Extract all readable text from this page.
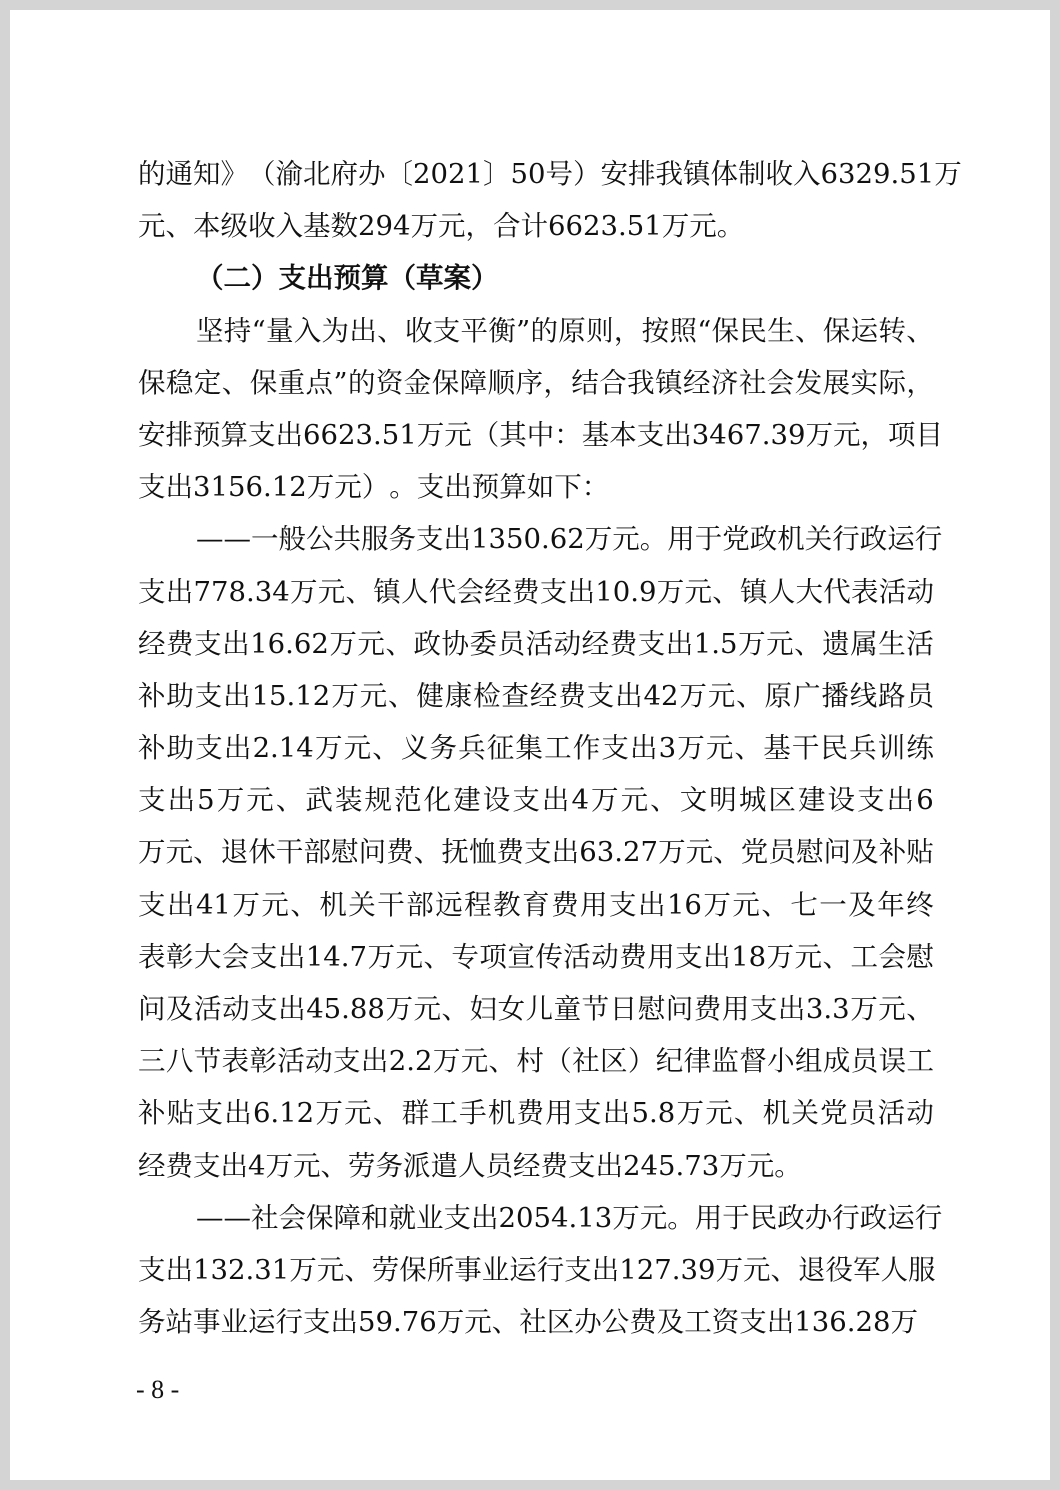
的 通 知 》 （ 渝 北 府 办 〔 2021 〕 50 号 ） 安 排 我 镇 体 制 收 入 6329.51 万
元 、 本 级 收 入 基 数 294 万 元 ， 合 计 6623.51 万 元 。
（ 二 ） 支 出 预 算 （ 草 案 ）
坚 持 “ 量 入 为 出 、 收 支 平 衡 ” 的 原 则 ， 按 照 “ 保 民 生 、 保 运 转 、
保 稳 定 、 保 重 点 ” 的 资 金 保 障 顺 序 ， 结 合 我 镇 经 济 社 会 发 展 实 际 ，
安 排 预 算 支 出 6623.51 万 元 （ 其 中 ： 基 本 支 出 3467.39 万 元 ， 项 目
支 出 3156.12 万 元 ） 。 支 出 预 算 如 下 ：
—— 一 般 公 共 服 务 支 出 1350.62 万 元 。 用 于 党 政 机 关 行 政 运 行
支 出 778.34 万 元 、 镇 人 代 会 经 费 支 出 10.9 万 元 、 镇 人 大 代 表 活 动
经 费 支 出 16.62 万 元 、 政 协 委 员 活 动 经 费 支 出 1.5 万 元 、 遗 属 生 活
补 助 支 出 15.12 万 元 、 健 康 检 查 经 费 支 出 42 万 元 、 原 广 播 线 路 员
补 助 支 出 2.14 万 元 、 义 务 兵 征 集 工 作 支 出 3 万 元 、 基 干 民 兵 训 练
支 出 5 万 元 、 武 装 规 范 化 建 设 支 出 4 万 元 、 文 明 城 区 建 设 支 出 6
万 元 、 退 休 干 部 慰 问 费 、 抚 恤 费 支 出 63.27 万 元 、 党 员 慰 问 及 补 贴
支 出 41 万 元 、 机 关 干 部 远 程 教 育 费 用 支 出 16 万 元 、 七 一 及 年 终
表 彰 大 会 支 出 14.7 万 元 、 专 项 宣 传 活 动 费 用 支 出 18 万 元 、 工 会 慰
问 及 活 动 支 出 45.88 万 元 、 妇 女 儿 童 节 日 慰 问 费 用 支 出 3.3 万 元 、
三 八 节 表 彰 活 动 支 出 2.2 万 元 、 村 （ 社 区 ） 纪 律 监 督 小 组 成 员 误 工
补 贴 支 出 6.12 万 元 、 群 工 手 机 费 用 支 出 5.8 万 元 、 机 关 党 员 活 动
经 费 支 出 4 万 元 、 劳 务 派 遣 人 员 经 费 支 出 245.73 万 元 。
—— 社 会 保 障 和 就 业 支 出 2054.13 万 元 。 用 于 民 政 办 行 政 运 行
支 出 132.31 万 元 、 劳 保 所 事 业 运 行 支 出 127.39 万 元 、 退 役 军 人 服
务 站 事 业 运 行 支 出 59.76 万 元 、 社 区 办 公 费 及 工 资 支 出 136.28 万
- 8 -
